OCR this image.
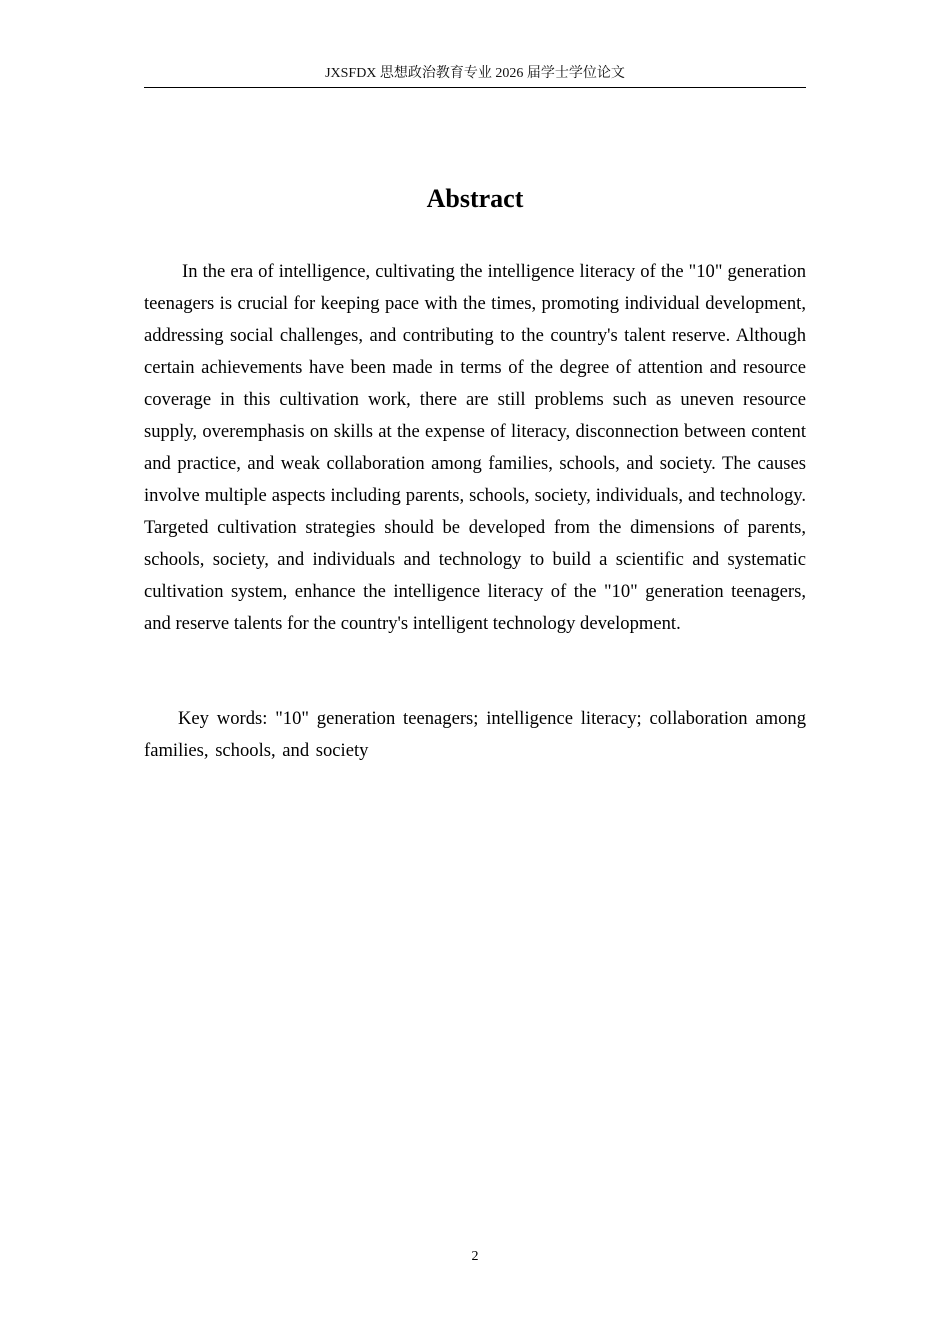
JXSFDX 思想政治教育专业 2026 届学士学位论文
Abstract

In the era of intelligence, cultivating the intelligence literacy of the "10" generation teenagers is crucial for keeping pace with the times, promoting individual development, addressing social challenges, and contributing to the country's talent reserve. Although certain achievements have been made in terms of the degree of attention and resource coverage in this cultivation work, there are still problems such as uneven resource supply, overemphasis on skills at the expense of literacy, disconnection between content and practice, and weak collaboration among families, schools, and society. The causes involve multiple aspects including parents, schools, society, individuals, and technology. Targeted cultivation strategies should be developed from the dimensions of parents, schools, society, and individuals and technology to build a scientific and systematic cultivation system, enhance the intelligence literacy of the "10" generation teenagers, and reserve talents for the country's intelligent technology development.

Key words: "10" generation teenagers; intelligence literacy; collaboration among families, schools, and society

2
